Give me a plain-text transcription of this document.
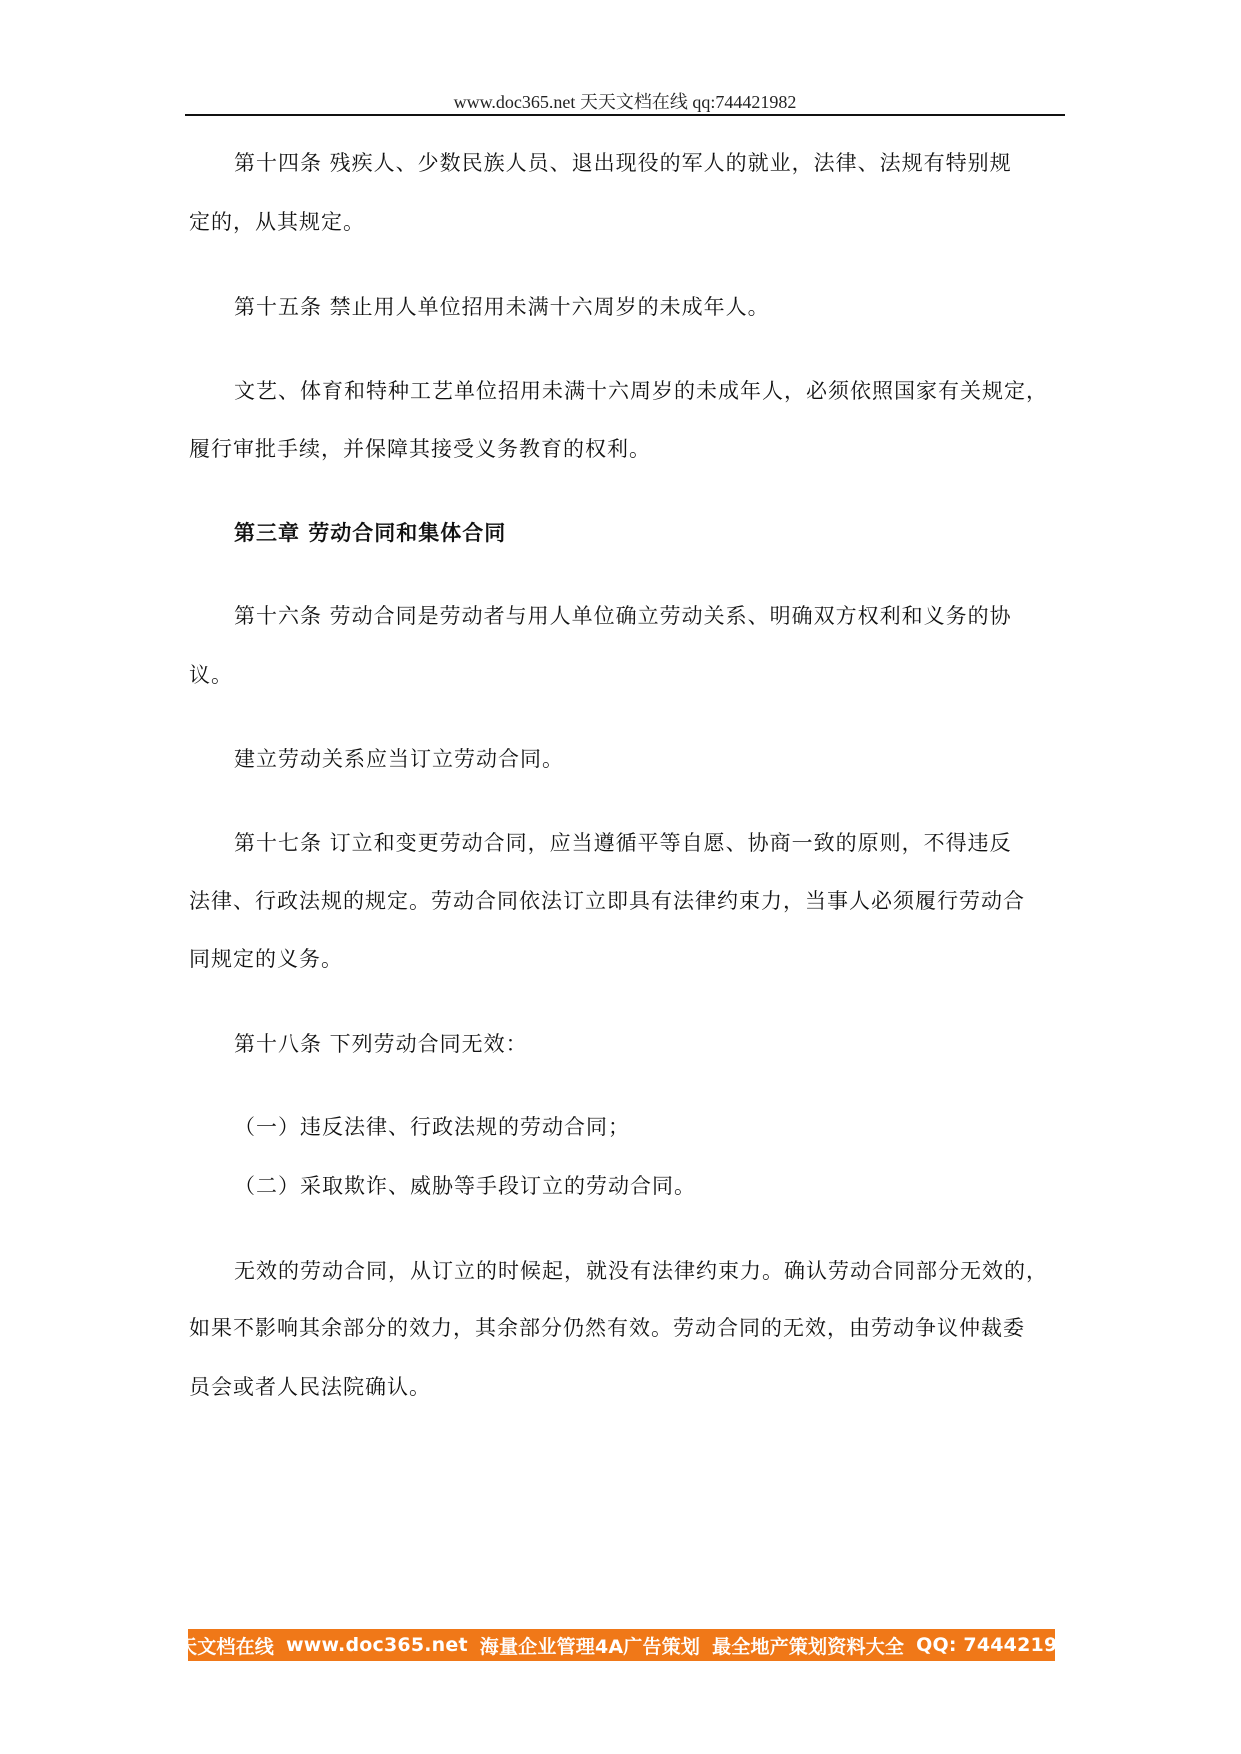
www.doc365.net 天天文档在线 qq:744421982
第十四条 残疾人、少数民族人员、退出现役的军人的就业，法律、法规有特别规
定的，从其规定。
第十五条 禁止用人单位招用未满十六周岁的未成年人。
文艺、体育和特种工艺单位招用未满十六周岁的未成年人，必须依照国家有关规定，
履行审批手续，并保障其接受义务教育的权利。
第三章 劳动合同和集体合同
第十六条 劳动合同是劳动者与用人单位确立劳动关系、明确双方权利和义务的协
议。
建立劳动关系应当订立劳动合同。
第十七条 订立和变更劳动合同，应当遵循平等自愿、协商一致的原则，不得违反
法律、行政法规的规定。劳动合同依法订立即具有法律约束力，当事人必须履行劳动合
同规定的义务。
第十八条 下列劳动合同无效：
（一）违反法律、行政法规的劳动合同；
（二）采取欺诈、威胁等手段订立的劳动合同。
无效的劳动合同，从订立的时候起，就没有法律约束力。确认劳动合同部分无效的，
如果不影响其余部分的效力，其余部分仍然有效。劳动合同的无效，由劳动争议仲裁委
员会或者人民法院确认。
天天文档在线 www.doc365.net 海量企业管理4A广告策划 最全地产策划资料大全 QQ: 744421982
